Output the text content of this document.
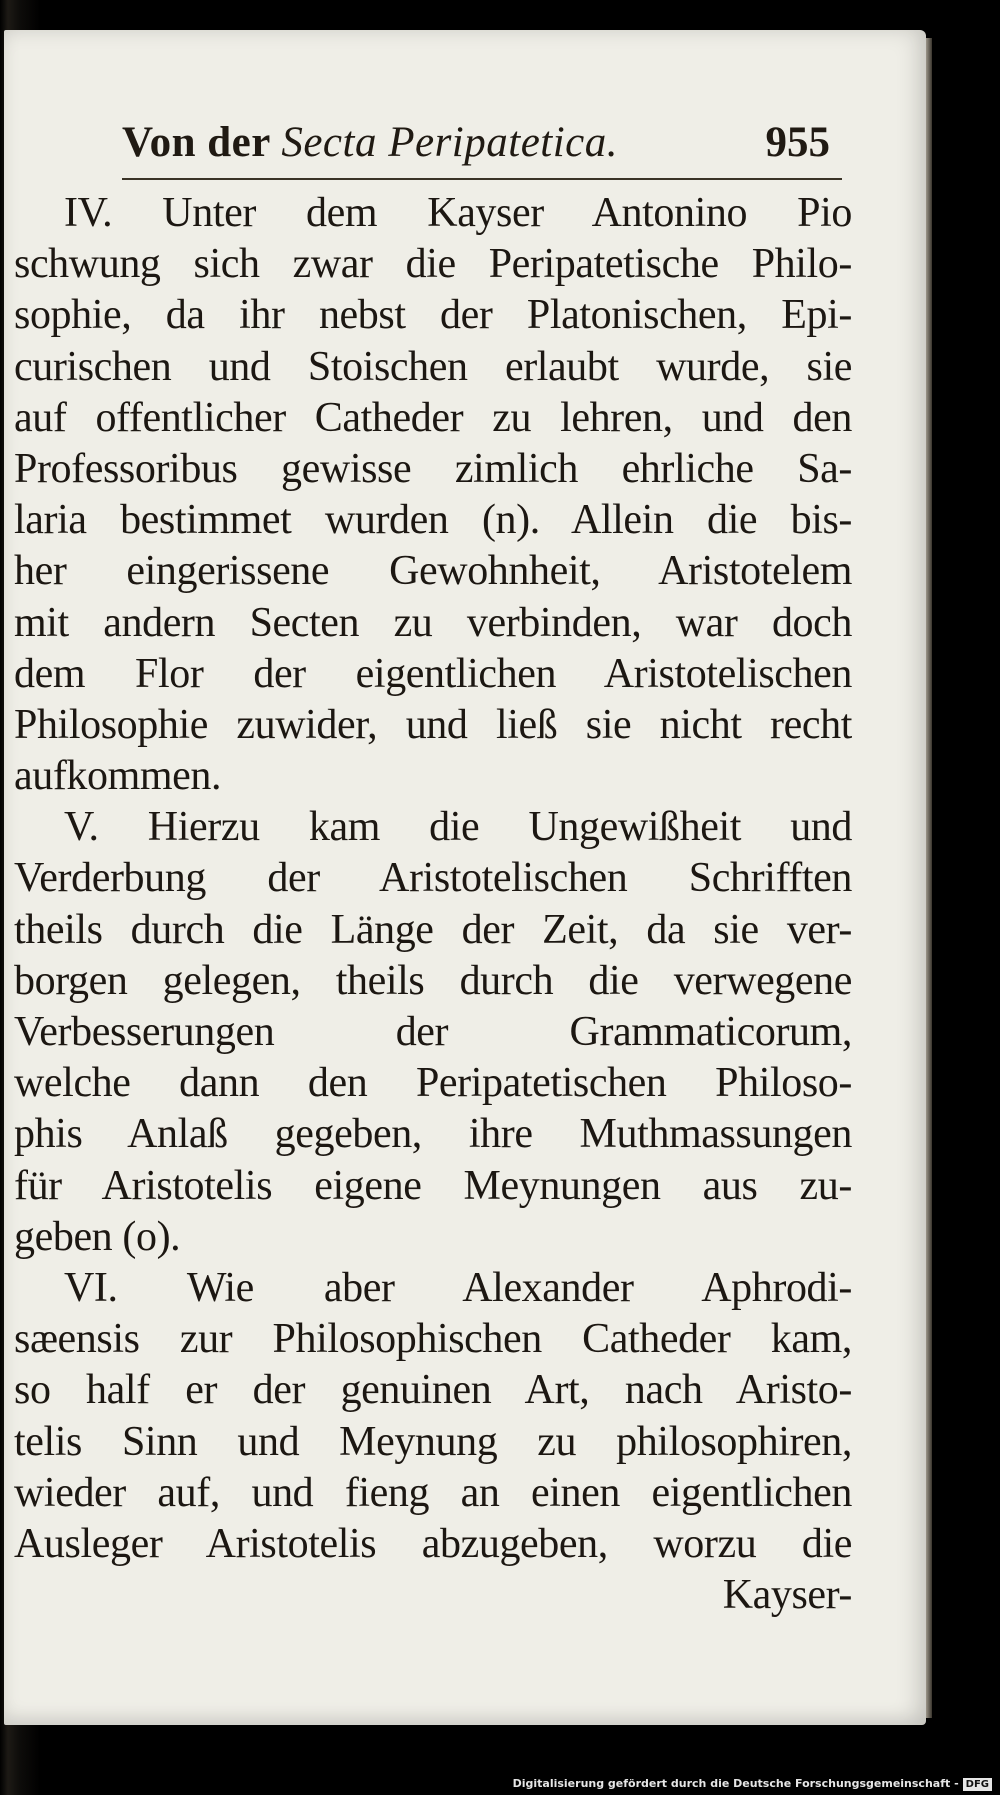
Von der Secta Peripatetica.	955
IV. Unter dem Kayser Antonino Pio
schwung sich zwar die Peripatetische Philo-
sophie, da ihr nebst der Platonischen, Epi-
curischen und Stoischen erlaubt wurde, sie
auf offentlicher Catheder zu lehren, und den
Professoribus gewisse zimlich ehrliche Sa-
laria bestimmet wurden (n). Allein die bis-
her eingerissene Gewohnheit, Aristotelem
mit andern Secten zu verbinden, war doch
dem Flor der eigentlichen Aristotelischen
Philosophie zuwider, und ließ sie nicht recht
aufkommen.
V. Hierzu kam die Ungewißheit und
Verderbung der Aristotelischen Schrifften
theils durch die Länge der Zeit, da sie ver-
borgen gelegen, theils durch die verwegene
Verbesserungen der Grammaticorum,
welche dann den Peripatetischen Philoso-
phis Anlaß gegeben, ihre Muthmassungen
für Aristotelis eigene Meynungen aus zu-
geben (o).
VI. Wie aber Alexander Aphrodi-
sæensis zur Philosophischen Catheder kam,
so half er der genuinen Art, nach Aristo-
telis Sinn und Meynung zu philosophiren,
wieder auf, und fieng an einen eigentlichen
Ausleger Aristotelis abzugeben, worzu die
Kayser-
Digitalisierung gefördert durch die Deutsche Forschungsgemeinschaft - DFG
